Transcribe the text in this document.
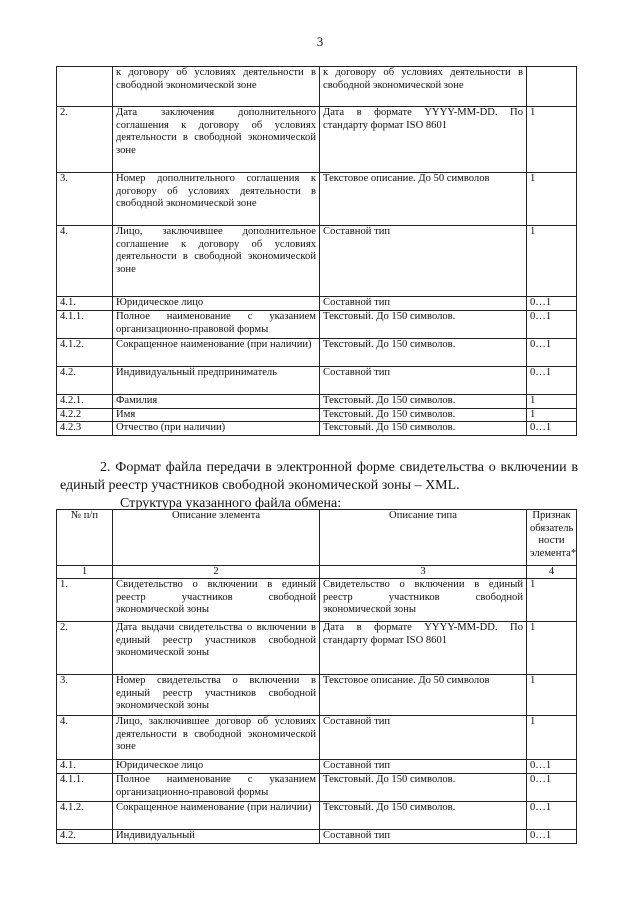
3
	к договору об условиях деятельности в свободной экономической зоне	к договору об условиях деятельности в свободной экономической зоне	
2.	Дата заключения дополнительного соглашения к договору об условиях деятельности в свободной экономической зоне	Дата в формате YYYY-MM-DD. По стандарту формат ISO 8601	1
3.	Номер дополнительного соглашения к договору об условиях деятельности в свободной экономической зоне	Текстовое описание. До 50 символов	1
4.	Лицо, заключившее дополнительное соглашение к договору об условиях деятельности в свободной экономической зоне	Составной тип	1
4.1.	Юридическое лицо	Составной тип	0…1
4.1.1.	Полное наименование с указанием организационно-правовой формы	Текстовый. До 150 символов.	0…1
4.1.2.	Сокращенное наименование (при наличии)	Текстовый. До 150 символов.	0…1
4.2.	Индивидуальный предприниматель	Составной тип	0…1
4.2.1.	Фамилия	Текстовый. До 150 символов.	1
4.2.2	Имя	Текстовый. До 150 символов.	1
4.2.3	Отчество (при наличии)	Текстовый. До 150 символов.	0…1
2. Формат файла передачи в электронной форме свидетельства о включении в единый реестр участников свободной экономической зоны – XML.
Структура указанного файла обмена:
№ п/п	Описание элемента	Описание типа	Признак обязатель ности элемента*
1	2	3	4
1.	Свидетельство о включении в единый реестр участников свободной экономической зоны	Свидетельство о включении в единый реестр участников свободной экономической зоны	1
2.	Дата выдачи свидетельства о включении в единый реестр участников свободной экономической зоны	Дата в формате YYYY-MM-DD. По стандарту формат ISO 8601	1
3.	Номер свидетельства о включении в единый реестр участников свободной экономической зоны	Текстовое описание. До 50 символов	1
4.	Лицо, заключившее договор об условиях деятельности в свободной экономической зоне	Составной тип	1
4.1.	Юридическое лицо	Составной тип	0…1
4.1.1.	Полное наименование с указанием организационно-правовой формы	Текстовый. До 150 символов.	0…1
4.1.2.	Сокращенное наименование (при наличии)	Текстовый. До 150 символов.	0…1
4.2.	Индивидуальный	Составной тип	0…1
